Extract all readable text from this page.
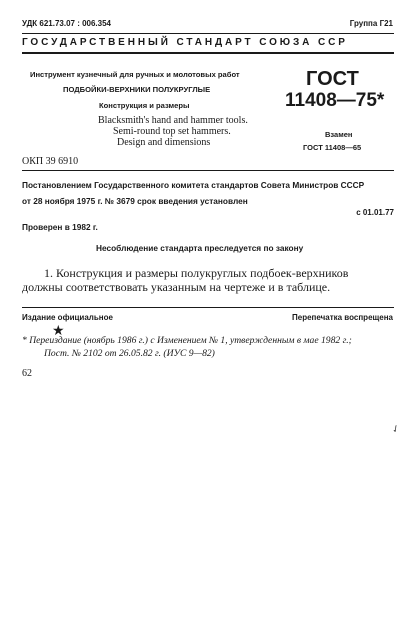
УДК 621.73.07 : 006.354	Группа Г21
ГОСУДАРСТВЕННЫЙ СТАНДАРТ СОЮЗА ССР
Инструмент кузнечный для ручных и молотовых работ
ПОДБОЙКИ-ВЕРХНИКИ ПОЛУКРУГЛЫЕ
Конструкция и размеры
Blacksmith's hand and hammer tools.
Semi-round top set hammers.
Design and dimensions
ГОСТ
11408—75*
Взамен
ГОСТ 11408—65
ОКП 39 6910
Постановлением Государственного комитета стандартов Совета Министров СССР
от 28 ноября 1975 г. № 3679 срок введения установлен
с 01.01.77
Проверен в 1982 г.
Несоблюдение стандарта преследуется по закону
1. Конструкция и размеры полукруглых подбоек-верхников
должны соответствовать указанным на чертеже и в таблице.
Издание официальное	Перепечатка воспрещена
★
* Переиздание (ноябрь 1986 г.) с Изменением № 1, утвержденным в мае 1982 г.;
Пост. № 2102 от 26.05.82 г. (ИУС 9—82)
62
✓
